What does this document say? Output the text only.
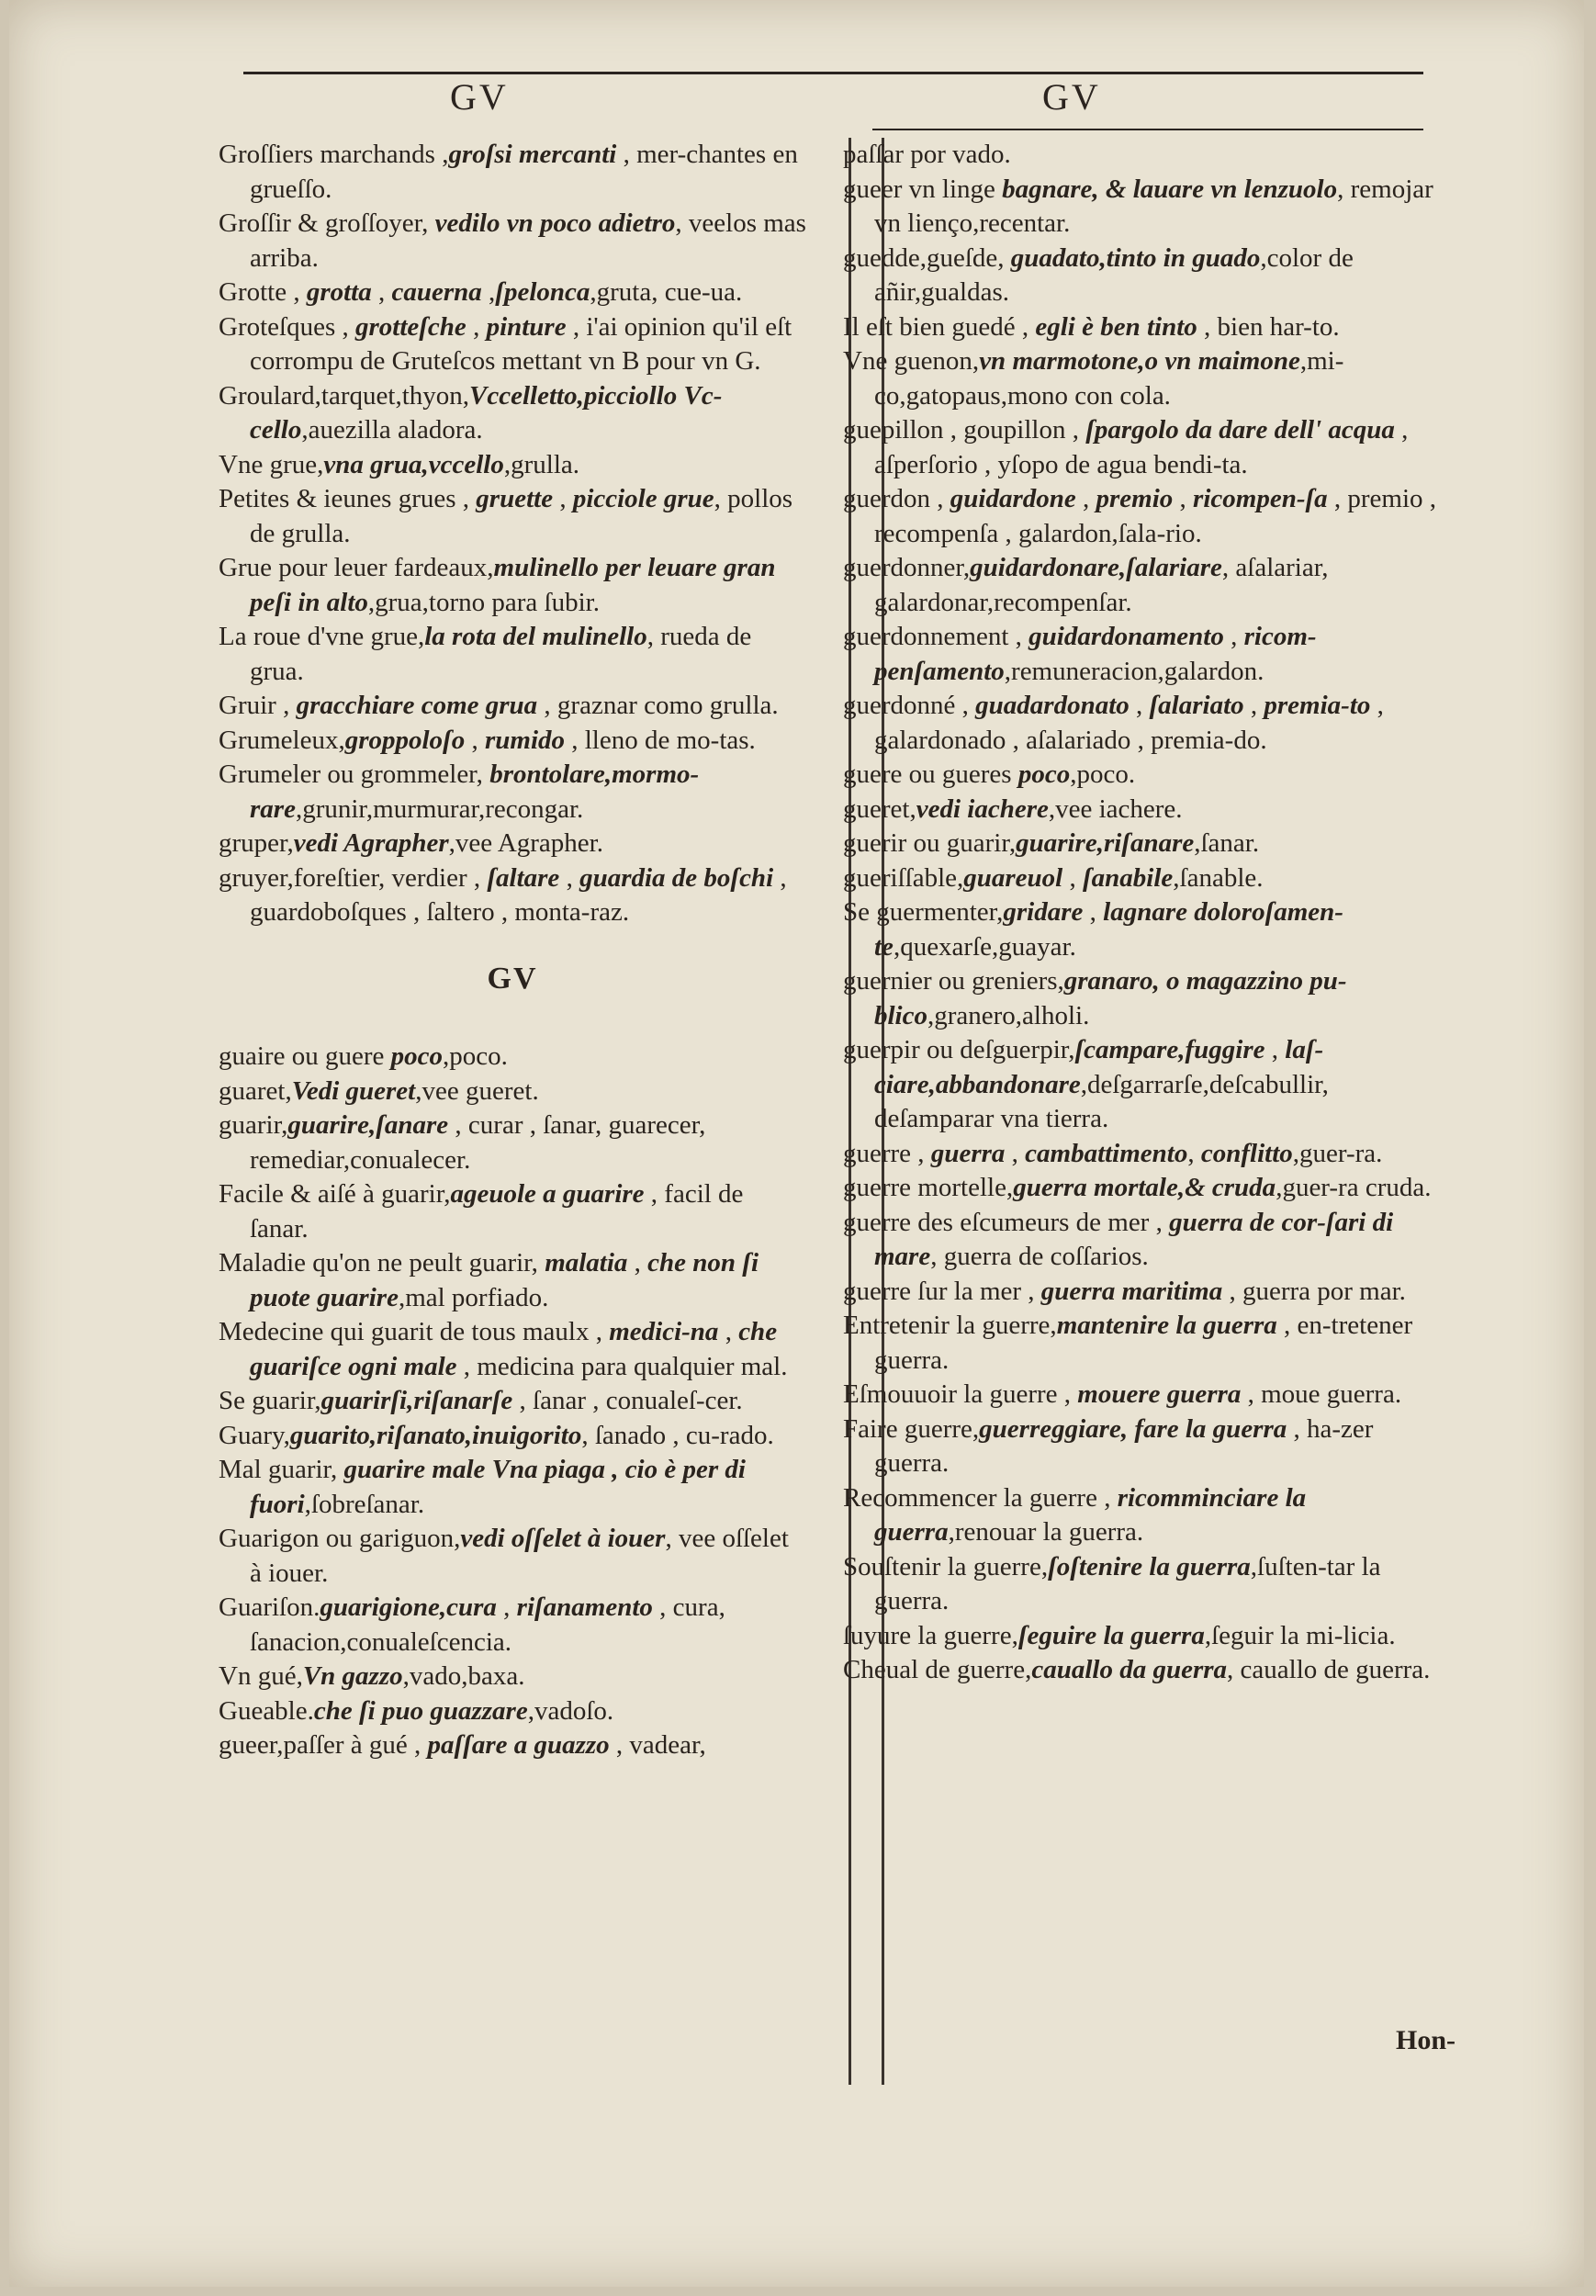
GV	GV

Groſſiers marchands ,groſsi mercanti , mer-chantes en grueſſo.

Groſſir & groſſoyer, vedilo vn poco adietro, veelos mas arriba.

Grotte , grotta , cauerna ,ſpelonca,gruta, cue-ua.

Groteſques , grotteſche , pinture , i'ai opinion qu'il eſt corrompu de Gruteſcos mettant vn B pour vn G.

Groulard,tarquet,thyon,Vccelletto,picciollo Vc-cello,auezilla aladora.

Vne grue,vna grua,vccello,grulla.

Petites & ieunes grues , gruette , picciole grue, pollos de grulla.

Grue pour leuer fardeaux,mulinello per leuare gran peſi in alto,grua,torno para ſubir.

La roue d'vne grue,la rota del mulinello, rueda de grua.

Gruir , gracchiare come grua , graznar como grulla.

Grumeleux,groppoloſo , rumido , lleno de mo-tas.

Grumeler ou grommeler, brontolare,mormo-rare,grunir,murmurar,recongar.

gruper,vedi Agrapher,vee Agrapher.

gruyer,foreſtier, verdier , ſaltare , guardia de boſchi , guardoboſques , ſaltero , monta-raz.

GV

guaire ou guere poco,poco.

guaret,Vedi gueret,vee gueret.

guarir,guarire,ſanare , curar , ſanar, guarecer, remediar,conualecer.

Facile & aiſé à guarir,ageuole a guarire , facil de ſanar.

Maladie qu'on ne peult guarir, malatia , che non ſi puote guarire,mal porfiado.

Medecine qui guarit de tous maulx , medici-na , che guariſce ogni male , medicina para qualquier mal.

Se guarir,guarirſi,riſanarſe , ſanar , conualeſ-cer.

Guary,guarito,riſanato,inuigorito, ſanado , cu-rado.

Mal guarir, guarire male Vna piaga , cio è per di fuori,ſobreſanar.

Guarigon ou gariguon,vedi oſſelet à iouer, vee oſſelet à iouer.

Guariſon.guarigione,cura , riſanamento , cura, ſanacion,conualeſcencia.

Vn gué,Vn gazzo,vado,baxa.

Gueable.che ſi puo guazzare,vadoſo.

gueer,paſſer à gué , paſſare a guazzo , vadear,

paſſar por vado.

gueer vn linge bagnare, & lauare vn lenzuolo, remojar vn lienço,recentar.

guedde,gueſde, guadato,tinto in guado,color de añir,gualdas.

Il eſt bien guedé , egli è ben tinto , bien har-to.

Vne guenon,vn marmotone,o vn maimone,mi-co,gatopaus,mono con cola.

guepillon , goupillon , ſpargolo da dare dell' acqua , aſperſorio , yſopo de agua bendi-ta.

guerdon , guidardone , premio , ricompen-ſa , premio , recompenſa , galardon,ſala-rio.

guerdonner,guidardonare,ſalariare, aſalariar, galardonar,recompenſar.

guerdonnement , guidardonamento , ricom-penſamento,remuneracion,galardon.

guerdonné , guadardonato , ſalariato , premia-to , galardonado , aſalariado , premia-do.

guere ou gueres poco,poco.

gueret,vedi iachere,vee iachere.

guerir ou guarir,guarire,riſanare,ſanar.

gueriſſable,guareuol , ſanabile,ſanable.

Se guermenter,gridare , lagnare doloroſamen-te,quexarſe,guayar.

guernier ou greniers,granaro, o magazzino pu-blico,granero,alholi.

guerpir ou deſguerpir,ſcampare,fuggire , laſ-ciare,abbandonare,deſgarrarſe,deſcabullir, deſamparar vna tierra.

guerre , guerra , cambattimento, conflitto,guer-ra.

guerre mortelle,guerra mortale,& cruda,guer-ra cruda.

guerre des eſcumeurs de mer , guerra de cor-ſari di mare, guerra de coſſarios.

guerre ſur la mer , guerra maritima , guerra por mar.

Entretenir la guerre,mantenire la guerra , en-tretener guerra.

Eſmouuoir la guerre , mouere guerra , moue guerra.

Faire guerre,guerreggiare, fare la guerra , ha-zer guerra.

Recommencer la guerre , ricomminciare la guerra,renouar la guerra.

Souſtenir la guerre,ſoſtenire la guerra,ſuſten-tar la guerra.

ſuyure la guerre,ſeguire la guerra,ſeguir la mi-licia.

Cheual de guerre,cauallo da guerra, cauallo de guerra.

Hon-
